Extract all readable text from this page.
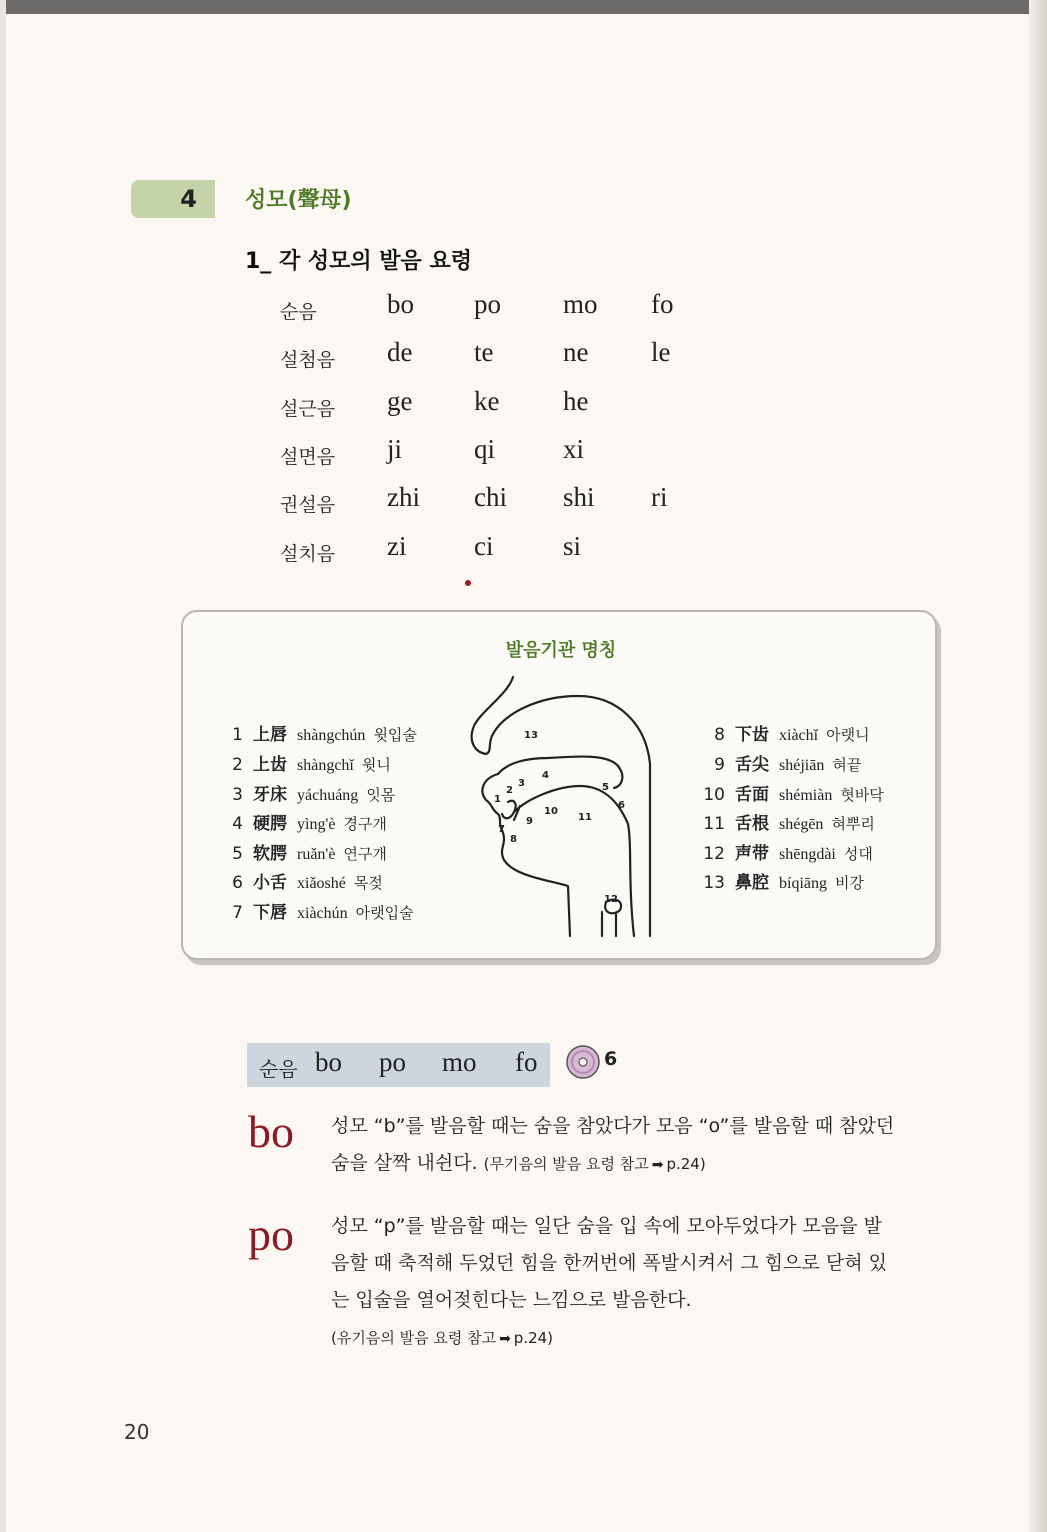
4 성모(聲母)
1_ 각 성모의 발음 요령
순음	bo po mo fo
설첨음 de te	ne le
설근음 ge ke he
설면음 ji	qi	xi
권설음 zhi chi shi ri
설치음 zi	ci	si
발음기관 명칭
1 上唇 shàngchún 윗입술
2 上齿 shàngchǐ 윗니
3 牙床 yáchuáng 잇몸
4 硬腭 yìng'è 경구개
5 软腭 ruǎn'è 연구개
6 小舌 xiǎoshé 목젖
7 下唇 xiàchún 아랫입술
1
2
3
4
5
6
7
8
9
10
11
12
13	8 下齿 xiàchǐ 아랫니
9 舌尖 shéjiān 혀끝
10 舌面 shémiàn 혓바닥
11 舌根 shégēn 혀뿌리
12 声带 shēngdài 성대
13 鼻腔 bíqiāng 비강
순음 bo po mo fo	6
bo 성모 “b”를 발음할 때는 숨을 참았다가 모음 “o”를 발음할 때 참았던
숨을 살짝 내쉰다. (무기음의 발음 요령 참고 ➡ p.24)
po 성모 “p”를 발음할 때는 일단 숨을 입 속에 모아두었다가 모음을 발
음할 때 축적해 두었던 힘을 한꺼번에 폭발시켜서 그 힘으로 닫혀 있
는 입술을 열어젖힌다는 느낌으로 발음한다.
(유기음의 발음 요령 참고 ➡ p.24)
20
